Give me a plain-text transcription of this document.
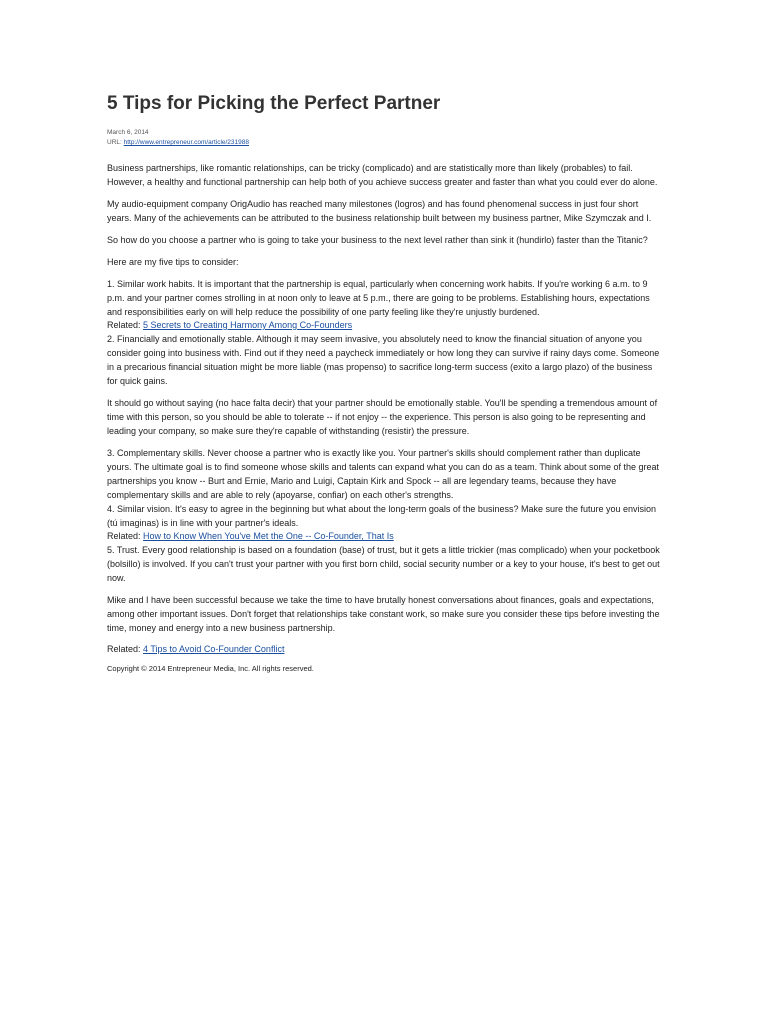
5 Tips for Picking the Perfect Partner
March 6, 2014
URL: http://www.entrepreneur.com/article/231988

Business partnerships, like romantic relationships, can be tricky (complicado) and are statistically more than likely (probables) to fail. However, a healthy and functional partnership can help both of you achieve success greater and faster than what you could ever do alone.

My audio-equipment company OrigAudio has reached many milestones (logros) and has found phenomenal success in just four short years. Many of the achievements can be attributed to the business relationship built between my business partner, Mike Szymczak and I.

So how do you choose a partner who is going to take your business to the next level rather than sink it (hundirlo) faster than the Titanic?

Here are my five tips to consider:

1. Similar work habits. It is important that the partnership is equal, particularly when concerning work habits. If you're working 6 a.m. to 9 p.m. and your partner comes strolling in at noon only to leave at 5 p.m., there are going to be problems. Establishing hours, expectations and responsibilities early on will help reduce the possibility of one party feeling like they're unjustly burdened.

Related: 5 Secrets to Creating Harmony Among Co-Founders

2. Financially and emotionally stable. Although it may seem invasive, you absolutely need to know the financial situation of anyone you consider going into business with. Find out if they need a paycheck immediately or how long they can survive if rainy days come. Someone in a precarious financial situation might be more liable (mas propenso) to sacrifice long-term success (exito a largo plazo) of the business for quick gains.

It should go without saying (no hace falta decir) that your partner should be emotionally stable. You'll be spending a tremendous amount of time with this person, so you should be able to tolerate -- if not enjoy -- the experience. This person is also going to be representing and leading your company, so make sure they're capable of withstanding (resistir) the pressure.

3. Complementary skills. Never choose a partner who is exactly like you. Your partner's skills should complement rather than duplicate yours. The ultimate goal is to find someone whose skills and talents can expand what you can do as a team. Think about some of the great partnerships you know -- Burt and Ernie, Mario and Luigi, Captain Kirk and Spock -- all are legendary teams, because they have complementary skills and are able to rely (apoyarse, confiar) on each other's strengths.

4. Similar vision. It's easy to agree in the beginning but what about the long-term goals of the business? Make sure the future you envision (tú imaginas) is in line with your partner's ideals.

Related: How to Know When You've Met the One -- Co-Founder, That Is

5. Trust. Every good relationship is based on a foundation (base) of trust, but it gets a little trickier (mas complicado) when your pocketbook (bolsillo) is involved. If you can't trust your partner with you first born child, social security number or a key to your house, it's best to get out now.

Mike and I have been successful because we take the time to have brutally honest conversations about finances, goals and expectations, among other important issues. Don't forget that relationships take constant work, so make sure you consider these tips before investing the time, money and energy into a new business partnership.

Related: 4 Tips to Avoid Co-Founder Conflict
Copyright © 2014 Entrepreneur Media, Inc. All rights reserved.
